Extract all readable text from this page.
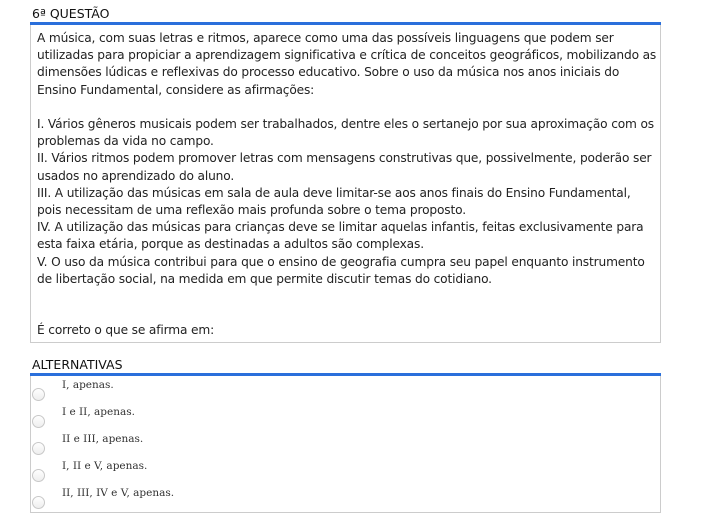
6ª QUESTÃO

A música, com suas letras e ritmos, aparece como uma das possíveis linguagens que podem ser utilizadas para propiciar a aprendizagem significativa e crítica de conceitos geográficos, mobilizando as dimensões lúdicas e reflexivas do processo educativo. Sobre o uso da música nos anos iniciais do Ensino Fundamental, considere as afirmações:

I. Vários gêneros musicais podem ser trabalhados, dentre eles o sertanejo por sua aproximação com os problemas da vida no campo.

II. Vários ritmos podem promover letras com mensagens construtivas que, possivelmente, poderão ser usados no aprendizado do aluno.

III. A utilização das músicas em sala de aula deve limitar-se aos anos finais do Ensino Fundamental, pois necessitam de uma reflexão mais profunda sobre o tema proposto.

IV. A utilização das músicas para crianças deve se limitar aquelas infantis, feitas exclusivamente para esta faixa etária, porque as destinadas a adultos são complexas.

V. O uso da música contribui para que o ensino de geografia cumpra seu papel enquanto instrumento de libertação social, na medida em que permite discutir temas do cotidiano.

É correto o que se afirma em:

ALTERNATIVAS
I, apenas.
I e II, apenas.
II e III, apenas.
I, II e V, apenas.
II, III, IV e V, apenas.
